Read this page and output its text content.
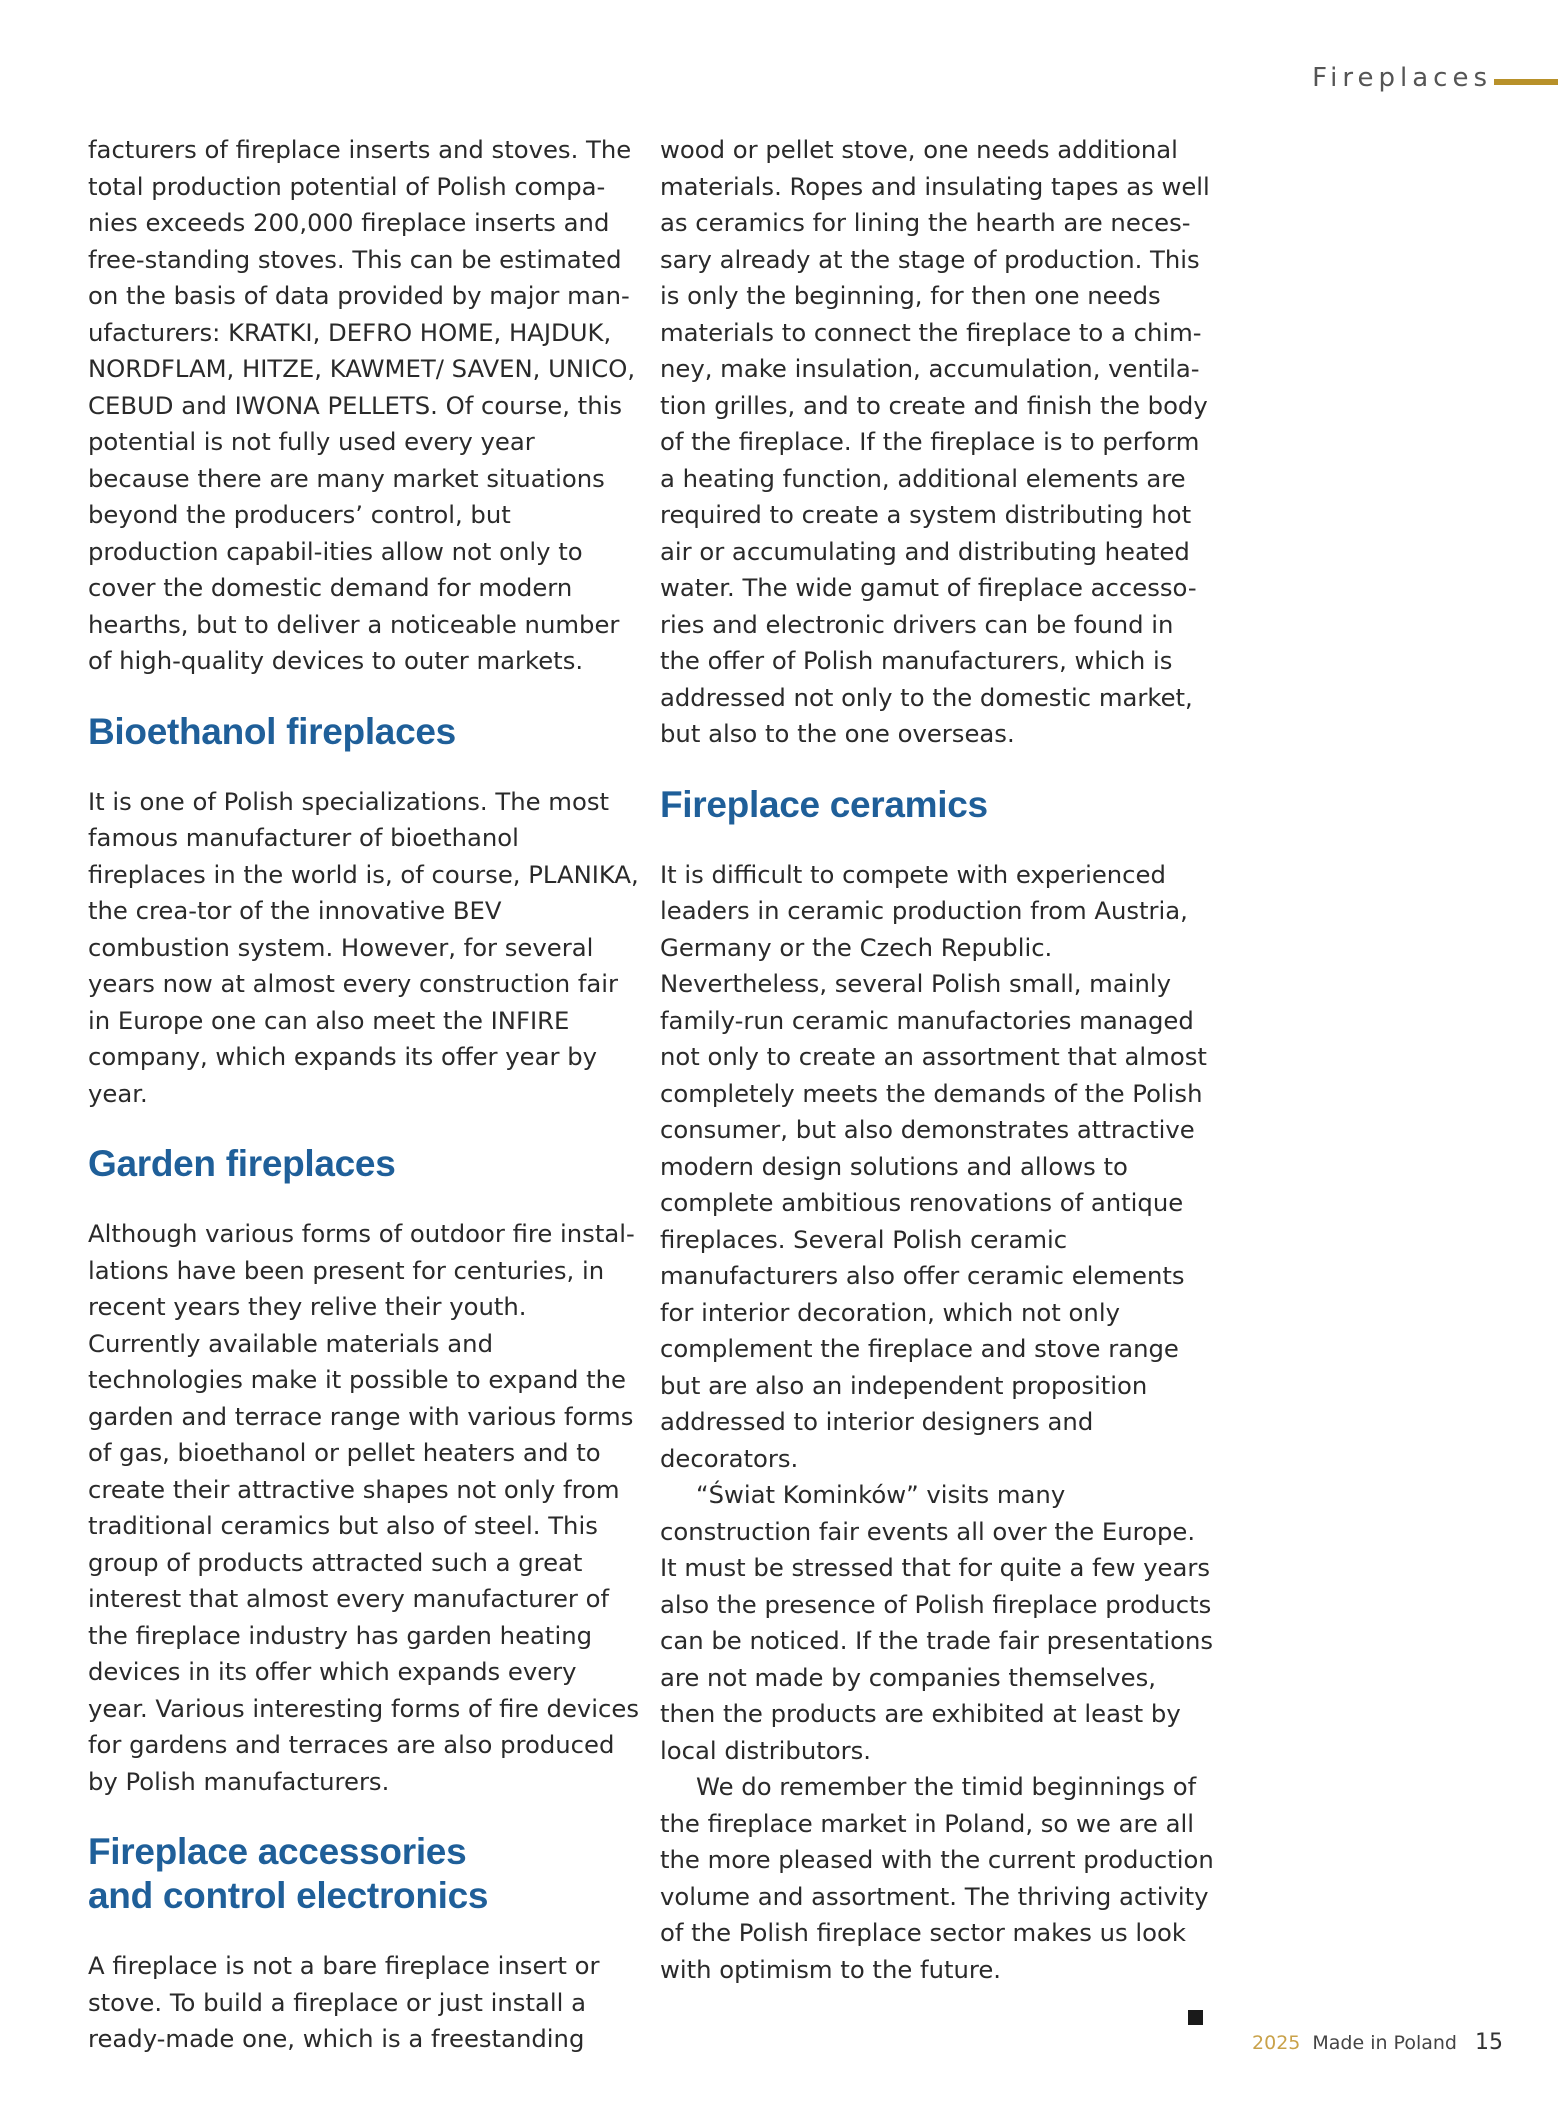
Fireplaces

facturers of fireplace inserts and stoves. The total production potential of Polish compa-nies exceeds 200,000 fireplace inserts and free-standing stoves. This can be estimated on the basis of data provided by major man-ufacturers: KRATKI, DEFRO HOME, HAJDUK, NORDFLAM, HITZE, KAWMET/ SAVEN, UNICO, CEBUD and IWONA PELLETS. Of course, this potential is not fully used every year because there are many market situations beyond the producers’ control, but production capabil-ities allow not only to cover the domestic demand for modern hearths, but to deliver a noticeable number of high-quality devices to outer markets.

Bioethanol fireplaces

It is one of Polish specializations. The most famous manufacturer of bioethanol fireplaces in the world is, of course, PLANIKA, the crea-tor of the innovative BEV combustion system. However, for several years now at almost every construction fair in Europe one can also meet the INFIRE company, which expands its offer year by year.

Garden fireplaces

Although various forms of outdoor fire instal-lations have been present for centuries, in recent years they relive their youth. Currently available materials and technologies make it possible to expand the garden and terrace range with various forms of gas, bioethanol or pellet heaters and to create their attractive shapes not only from traditional ceramics but also of steel. This group of products attracted such a great interest that almost every manufacturer of the fireplace industry has garden heating devices in its offer which expands every year. Various interesting forms of fire devices for gardens and terraces are also produced by Polish manufacturers.

Fireplace accessories and control electronics

A fireplace is not a bare fireplace insert or stove. To build a fireplace or just install a ready-made one, which is a freestanding

wood or pellet stove, one needs additional materials. Ropes and insulating tapes as well as ceramics for lining the hearth are neces-sary already at the stage of production. This is only the beginning, for then one needs materials to connect the fireplace to a chim-ney, make insulation, accumulation, ventila-tion grilles, and to create and finish the body of the fireplace. If the fireplace is to perform a heating function, additional elements are required to create a system distributing hot air or accumulating and distributing heated water. The wide gamut of fireplace accesso-ries and electronic drivers can be found in the offer of Polish manufacturers, which is addressed not only to the domestic market, but also to the one overseas.

Fireplace ceramics

It is difficult to compete with experienced leaders in ceramic production from Austria, Germany or the Czech Republic. Nevertheless, several Polish small, mainly family-run ceramic manufactories managed not only to create an assortment that almost completely meets the demands of the Polish consumer, but also demonstrates attractive modern design solutions and allows to complete ambitious renovations of antique fireplaces. Several Polish ceramic manufacturers also offer ceramic elements for interior decoration, which not only complement the fireplace and stove range but are also an independent proposition addressed to interior designers and decorators.

“Świat Kominków” visits many construction fair events all over the Europe. It must be stressed that for quite a few years also the presence of Polish fireplace products can be noticed. If the trade fair presentations are not made by companies themselves, then the products are exhibited at least by local distributors.

We do remember the timid beginnings of the fireplace market in Poland, so we are all the more pleased with the current production volume and assortment. The thriving activity of the Polish fireplace sector makes us look with optimism to the future.

2025 Made in Poland 15
